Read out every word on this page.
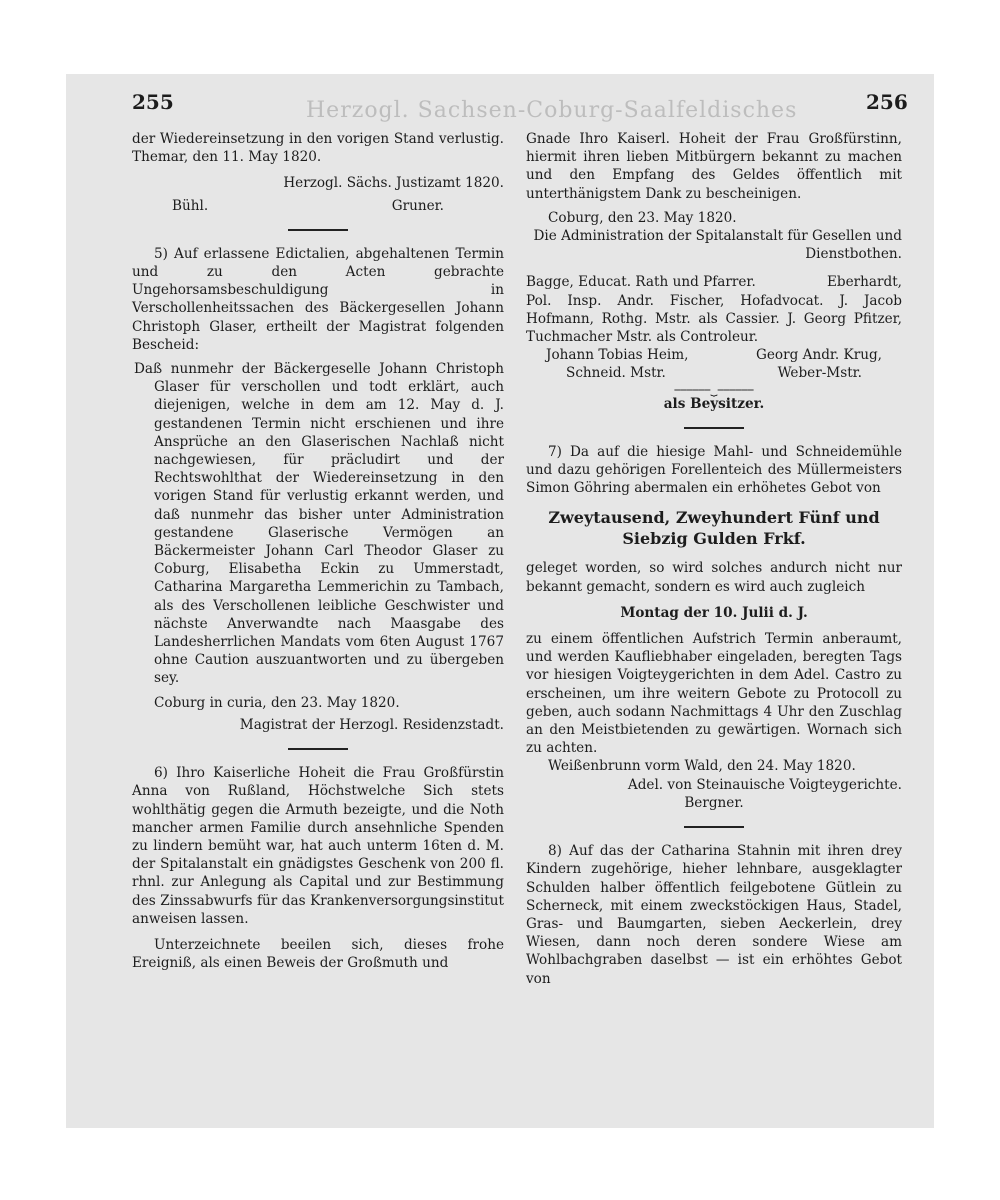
Herzogl. Sachsen-Coburg-Saalfeldisches
255	256

der Wiedereinsetzung in den vorigen Stand verlustig. Themar, den 11. May 1820.

Herzogl. Sächs. Justizamt 1820.

Bühl.	Gruner.

5) Auf erlassene Edictalien, abgehaltenen Termin und zu den Acten gebrachte Ungehorsamsbeschuldigung in Verschollenheitssachen des Bäckergesellen Johann Christoph Glaser, ertheilt der Magistrat folgenden Bescheid:

Daß nunmehr der Bäckergeselle Johann Christoph Glaser für verschollen und todt erklärt, auch diejenigen, welche in dem am 12. May d. J. gestandenen Termin nicht erschienen und ihre Ansprüche an den Glaserischen Nachlaß nicht nachgewiesen, für präcludirt und der Rechtswohlthat der Wiedereinsetzung in den vorigen Stand für verlustig erkannt werden, und daß nunmehr das bisher unter Administration gestandene Glaserische Vermögen an Bäckermeister Johann Carl Theodor Glaser zu Coburg, Elisabetha Eckin zu Ummerstadt, Catharina Margaretha Lemmerichin zu Tambach, als des Verschollenen leibliche Geschwister und nächste Anverwandte nach Maasgabe des Landesherrlichen Mandats vom 6ten August 1767 ohne Caution auszuantworten und zu übergeben sey.

Coburg in curia, den 23. May 1820.

Magistrat der Herzogl. Residenzstadt.

6) Ihro Kaiserliche Hoheit die Frau Großfürstin Anna von Rußland, Höchstwelche Sich stets wohlthätig gegen die Armuth bezeigte, und die Noth mancher armen Familie durch ansehnliche Spenden zu lindern bemüht war, hat auch unterm 16ten d. M. der Spitalanstalt ein gnädigstes Geschenk von 200 fl. rhnl. zur Anlegung als Capital und zur Bestimmung des Zinssabwurfs für das Krankenversorgungsinstitut anweisen lassen.

Unterzeichnete beeilen sich, dieses frohe Ereigniß, als einen Beweis der Großmuth und

Gnade Ihro Kaiserl. Hoheit der Frau Großfürstinn, hiermit ihren lieben Mitbürgern bekannt zu machen und den Empfang des Geldes öffentlich mit unterthänigstem Dank zu bescheinigen.

Coburg, den 23. May 1820.

Die Administration der Spitalanstalt für Gesellen und Dienstbothen.

Bagge, Educat. Rath und Pfarrer.	Eberhardt,

Pol. Insp. Andr. Fischer, Hofadvocat. J. Jacob Hofmann, Rothg. Mstr. als Cassier. J. Georg Pfitzer, Tuchmacher Mstr. als Controleur.

Johann Tobias Heim,	Georg Andr. Krug,
Schneid. Mstr.	Weber-Mstr.
⎯⎯⎯⎯⎯⎯⏟⎯⎯⎯⎯⎯⎯

als Beysitzer.

7) Da auf die hiesige Mahl- und Schneidemühle und dazu gehörigen Forellenteich des Müllermeisters Simon Göhring abermalen ein erhöhetes Gebot von

Zweytausend, Zweyhundert Fünf und Siebzig Gulden Frkf.

geleget worden, so wird solches andurch nicht nur bekannt gemacht, sondern es wird auch zugleich

Montag der 10. Julii d. J.

zu einem öffentlichen Aufstrich Termin anberaumt, und werden Kaufliebhaber eingeladen, beregten Tags vor hiesigen Voigteygerichten in dem Adel. Castro zu erscheinen, um ihre weitern Gebote zu Protocoll zu geben, auch sodann Nachmittags 4 Uhr den Zuschlag an den Meistbietenden zu gewärtigen. Wornach sich zu achten.

Weißenbrunn vorm Wald, den 24. May 1820.

Adel. von Steinauische Voigteygerichte.

Bergner.

8) Auf das der Catharina Stahnin mit ihren drey Kindern zugehörige, hieher lehnbare, ausgeklagter Schulden halber öffentlich feilgebotene Gütlein zu Scherneck, mit einem zweckstöckigen Haus, Stadel, Gras- und Baumgarten, sieben Aeckerlein, drey Wiesen, dann noch deren sondere Wiese am Wohlbachgraben daselbst — ist ein erhöhtes Gebot von
